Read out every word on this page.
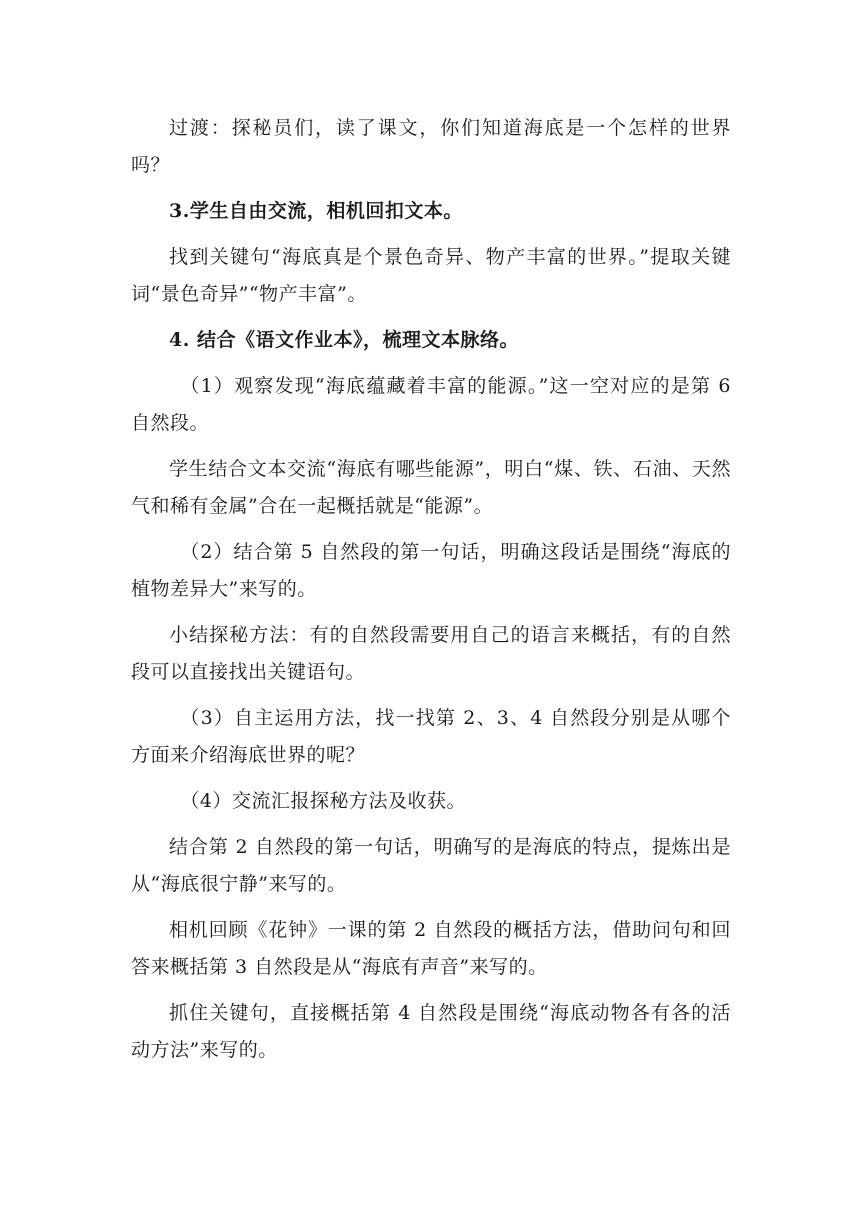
过渡：探秘员们，读了课文，你们知道海底是一个怎样的世界吗？

3.学生自由交流，相机回扣文本。

找到关键句“海底真是个景色奇异、物产丰富的世界。”提取关键词“景色奇异”“物产丰富”。

4. 结合《语文作业本》，梳理文本脉络。

（1）观察发现“海底蕴藏着丰富的能源。”这一空对应的是第 6 自然段。

学生结合文本交流“海底有哪些能源”，明白“煤、铁、石油、天然气和稀有金属”合在一起概括就是“能源”。

（2）结合第 5 自然段的第一句话，明确这段话是围绕“海底的植物差异大”来写的。

小结探秘方法：有的自然段需要用自己的语言来概括，有的自然段可以直接找出关键语句。

（3）自主运用方法，找一找第 2、3、4 自然段分别是从哪个方面来介绍海底世界的呢？

（4）交流汇报探秘方法及收获。

结合第 2 自然段的第一句话，明确写的是海底的特点，提炼出是从“海底很宁静”来写的。

相机回顾《花钟》一课的第 2 自然段的概括方法，借助问句和回答来概括第 3 自然段是从“海底有声音”来写的。

抓住关键句，直接概括第 4 自然段是围绕“海底动物各有各的活动方法”来写的。
